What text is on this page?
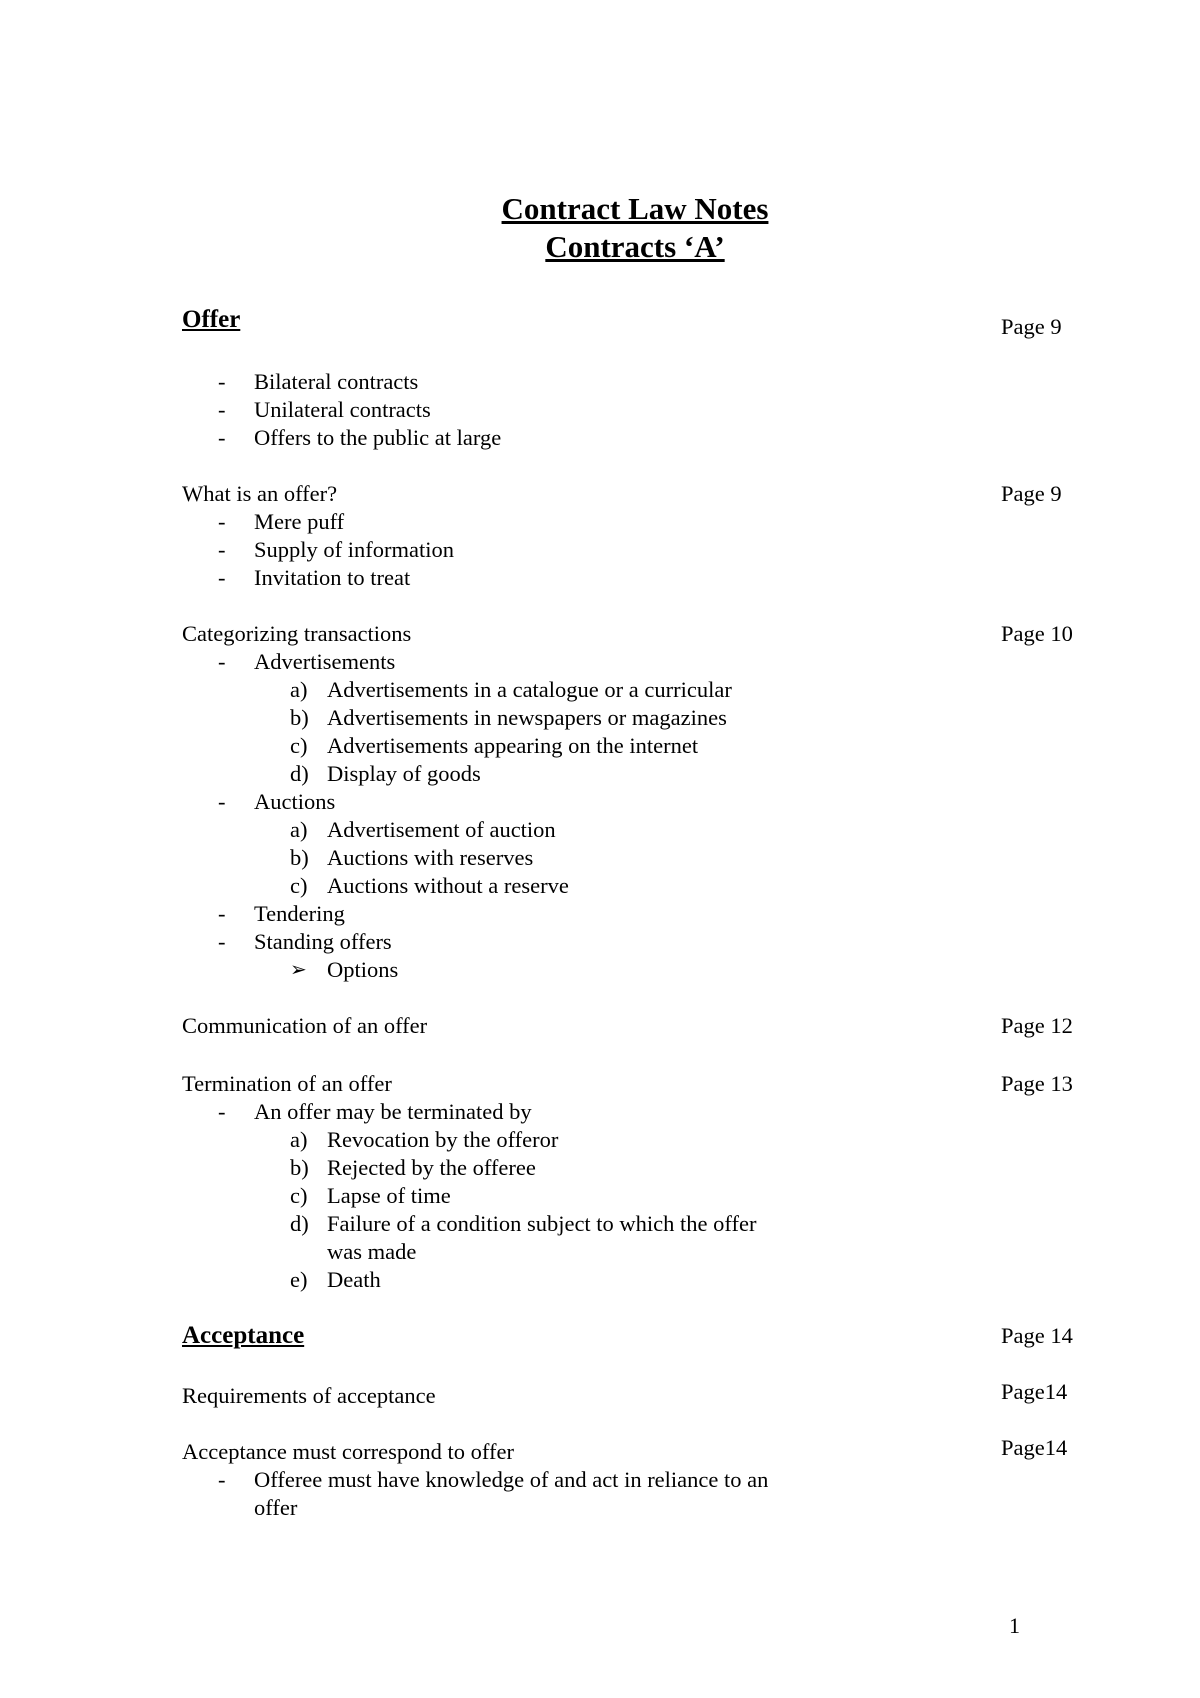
Contract Law Notes
Contracts ‘A’
Offer	Page 9
- Bilateral contracts
- Unilateral contracts
- Offers to the public at large
What is an offer?	Page 9
- Mere puff
- Supply of information
- Invitation to treat
Categorizing transactions	Page 10
- Advertisements
a) Advertisements in a catalogue or a curricular
b) Advertisements in newspapers or magazines
c) Advertisements appearing on the internet
d) Display of goods
- Auctions
a) Advertisement of auction
b) Auctions with reserves
c) Auctions without a reserve
- Tendering
- Standing offers
➢ Options
Communication of an offer	Page 12
Termination of an offer	Page 13
- An offer may be terminated by
a) Revocation by the offeror
b) Rejected by the offeree
c) Lapse of time
d) Failure of a condition subject to which the offer
was made
e) Death
Acceptance	Page 14
Requirements of acceptance	Page14
Acceptance must correspond to offer	Page14
- Offeree must have knowledge of and act in reliance to an
offer
1
